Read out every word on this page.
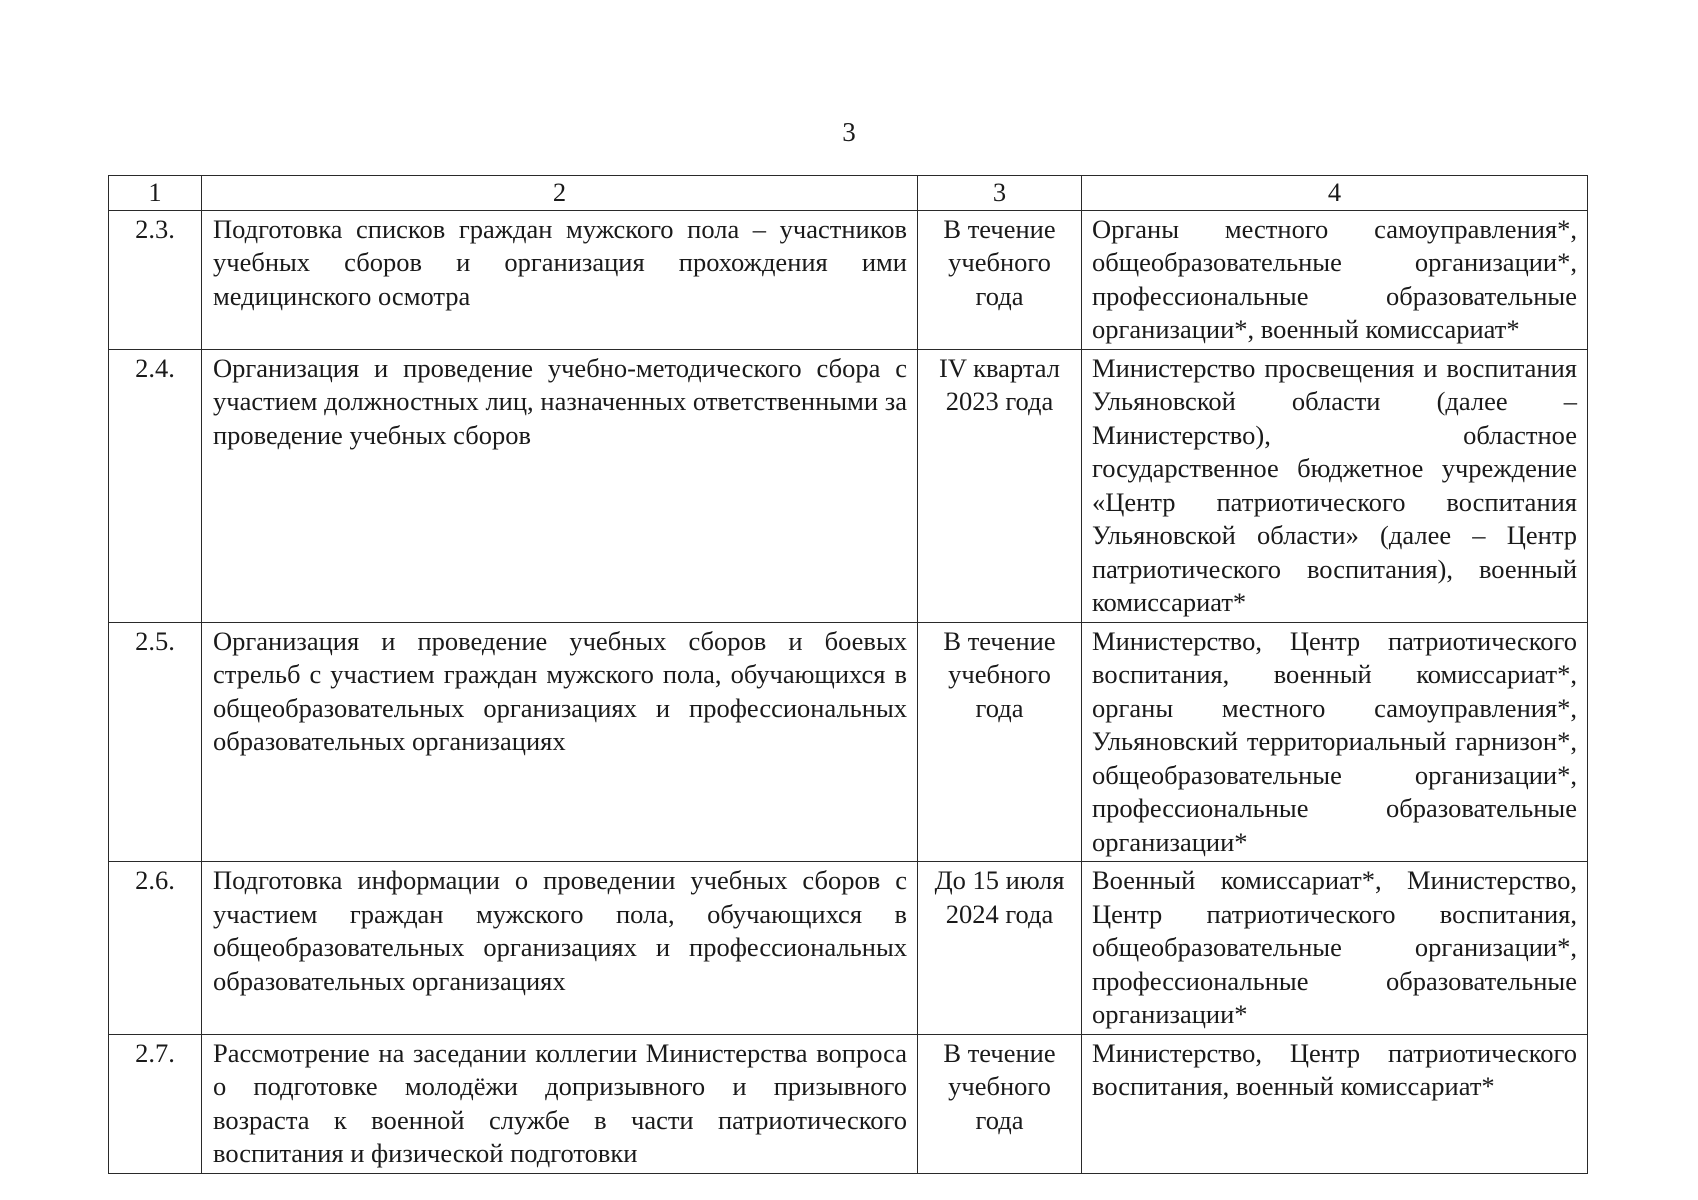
3
1	2	3	4
2.3.	Подготовка списков граждан мужского пола – участников учебных сборов и организация прохождения ими медицинского осмотра	В течение учебного года	Органы местного самоуправления*, общеобразовательные организации*, профессиональные образовательные организации*, военный комиссариат*
2.4.	Организация и проведение учебно-методического сбора с участием должностных лиц, назначенных ответственными за проведение учебных сборов	IV квартал 2023 года	Министерство просвещения и воспитания Ульяновской области (далее – Министерство), областное государственное бюджетное учреждение «Центр патриотического воспитания Ульяновской области» (далее – Центр патриотического воспитания), военный комиссариат*
2.5.	Организация и проведение учебных сборов и боевых стрельб с участием граждан мужского пола, обучающихся в общеобразовательных организациях и профессиональных образовательных организациях	В течение учебного года	Министерство, Центр патриотического воспитания, военный комиссариат*, органы местного самоуправления*, Ульяновский территориальный гарнизон*, общеобразовательные организации*, профессиональные образовательные организации*
2.6.	Подготовка информации о проведении учебных сборов с участием граждан мужского пола, обучающихся в общеобразовательных организациях и профессиональных образовательных организациях	До 15 июля 2024 года	Военный комиссариат*, Министерство, Центр патриотического воспитания, общеобразовательные организации*, профессиональные образовательные организации*
2.7.	Рассмотрение на заседании коллегии Министерства вопроса о подготовке молодёжи допризывного и призывного возраста к военной службе в части патриотического воспитания и физической подготовки	В течение учебного года	Министерство, Центр патриотического воспитания, военный комиссариат*
